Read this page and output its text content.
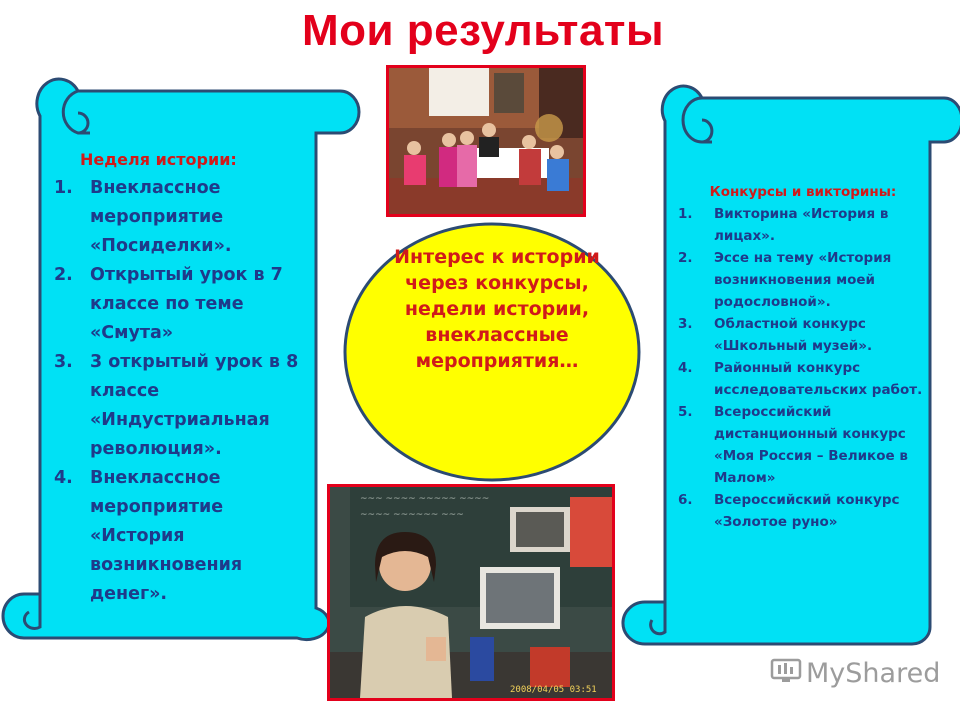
Мои результаты
Неделя истории:
1. Внеклассное мероприятие «Посиделки».
2. Открытый урок в 7 классе по теме «Смута»
3. 3 открытый урок в 8 классе «Индустриальная революция».
4. Внеклассное мероприятие «История возникновения денег».
Интерес к истории через конкурсы, недели истории, внеклассные мероприятия…
~~~ ~~~~ ~~~~~ ~~~~
~~~~ ~~~~~~ ~~~
2008/04/05 03:51
Конкурсы и викторины:
1. Викторина «История в лицах».
2. Эссе на тему «История возникновения моей родословной».
3. Областной конкурс «Школьный музей».
4. Районный конкурс исследовательских работ.
5. Всероссийский дистанционный конкурс «Моя Россия – Великое в Малом»
6. Всероссийский конкурс «Золотое руно»
MyShared
